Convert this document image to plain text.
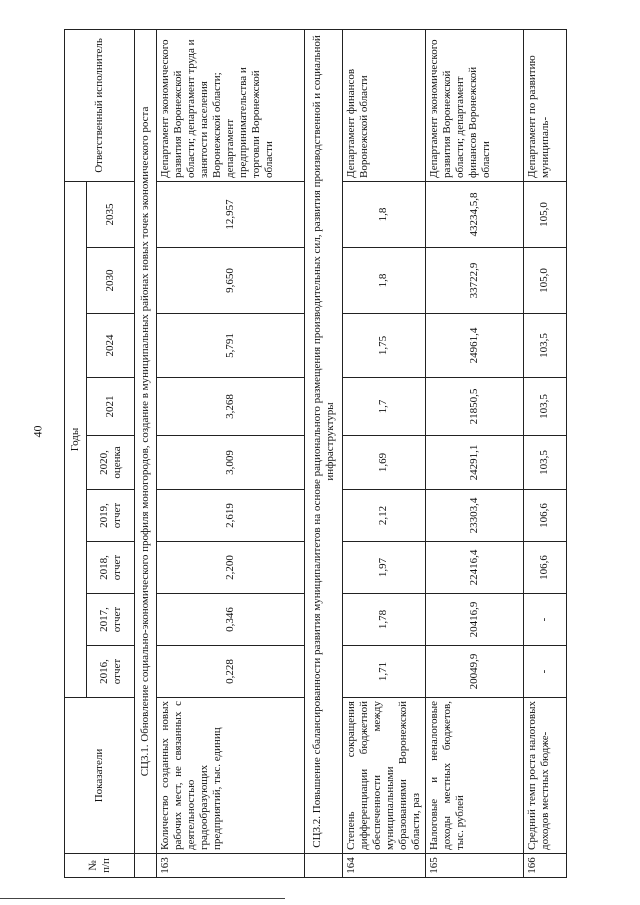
40
№ п/п	Показатели	Годы									Ответственный исполнитель
		2016, отчет	2017, отчет	2018, отчет	2019, отчет	2020, оценка	2021	2024	2030	2035	
	СЦ3.1. Обновление социально-экономического профиля моногородов, создание в муниципальных районах новых точек экономического роста										
163	Количество созданных новых рабочих мест, не связанных с деятельностью градообразующих предприятий, тыс. единиц	0,228	0,346	2,200	2,619	3,009	3,268	5,791	9,650	12,957	Департамент экономического развития Воронежской области; департамент труда и занятости населения Воронежской области; департамент предпринимательства и торговли Воронежской области
	СЦ3.2. Повышение сбалансированности развития муниципалитетов на основе рационального размещения производительных сил, развития производственной и социальной инфраструктуры										
164	Степень сокращения дифференциации бюджетной обеспеченности между муниципальными образованиями Воронежской области, раз	1,71	1,78	1,97	2,12	1,69	1,7	1,75	1,8	1,8	Департамент финансов Воронежской области
165	Налоговые и неналоговые доходы местных бюджетов, тыс. рублей	20049,9	20416,9	22416,4	23303,4	24291,1	21850,5	24961,4	33722,9	43234,5,8	Департамент экономического развития Воронежской области; департамент финансов Воронежской области
166	Средний темп роста налоговых доходов местных бюдже-	-	-	106,6	106,6	103,5	103,5	103,5	105,0	105,0	Департамент по развитию муниципаль-
